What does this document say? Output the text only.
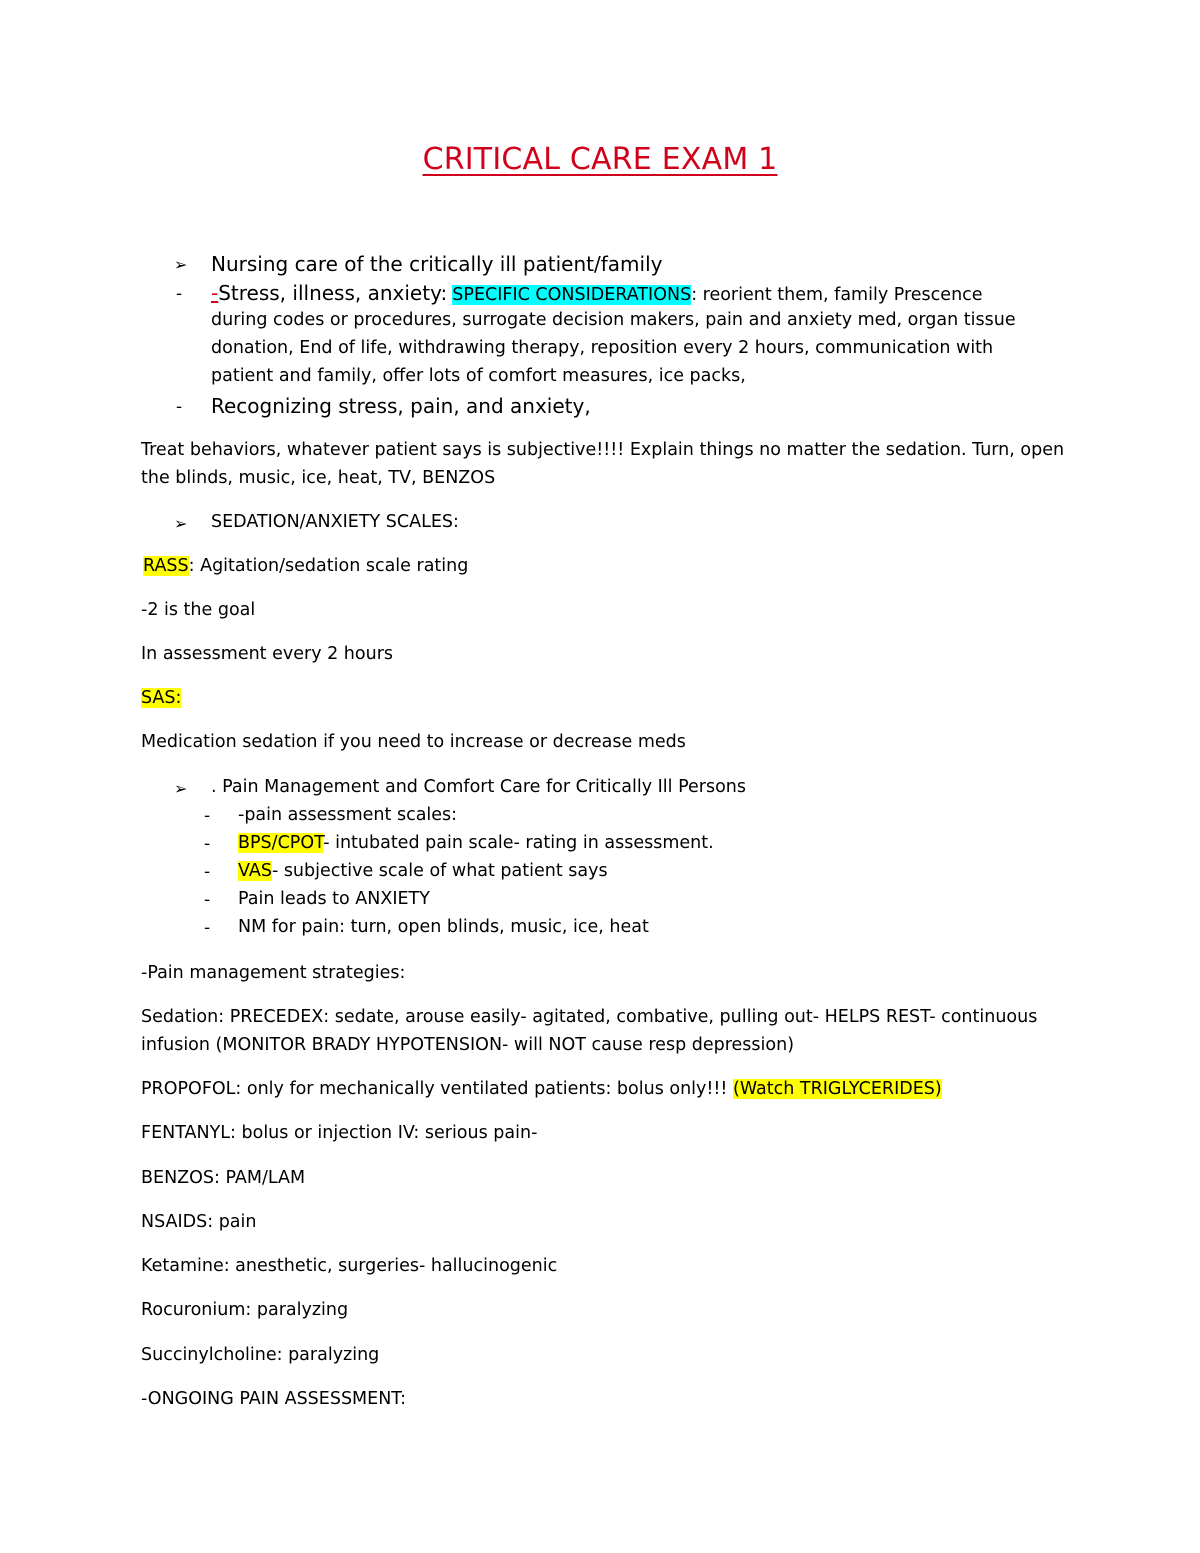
CRITICAL CARE EXAM 1
➢ Nursing care of the critically ill patient/family
- -Stress, illness, anxiety: SPECIFIC CONSIDERATIONS: reorient them, family Prescence
during codes or procedures, surrogate decision makers, pain and anxiety med, organ tissue
donation, End of life, withdrawing therapy, reposition every 2 hours, communication with
patient and family, offer lots of comfort measures, ice packs,
- Recognizing stress, pain, and anxiety,
Treat behaviors, whatever patient says is subjective!!!! Explain things no matter the sedation. Turn, open
the blinds, music, ice, heat, TV, BENZOS
➢ SEDATION/ANXIETY SCALES:
RASS: Agitation/sedation scale rating
-2 is the goal
In assessment every 2 hours
SAS:
Medication sedation if you need to increase or decrease meds
➢ . Pain Management and Comfort Care for Critically Ill Persons
- -pain assessment scales:
- BPS/CPOT- intubated pain scale- rating in assessment.
- VAS- subjective scale of what patient says
- Pain leads to ANXIETY
- NM for pain: turn, open blinds, music, ice, heat
-Pain management strategies:
Sedation: PRECEDEX: sedate, arouse easily- agitated, combative, pulling out- HELPS REST- continuous
infusion (MONITOR BRADY HYPOTENSION- will NOT cause resp depression)
PROPOFOL: only for mechanically ventilated patients: bolus only!!! (Watch TRIGLYCERIDES)
FENTANYL: bolus or injection IV: serious pain-
BENZOS: PAM/LAM
NSAIDS: pain
Ketamine: anesthetic, surgeries- hallucinogenic
Rocuronium: paralyzing
Succinylcholine: paralyzing
-ONGOING PAIN ASSESSMENT:
